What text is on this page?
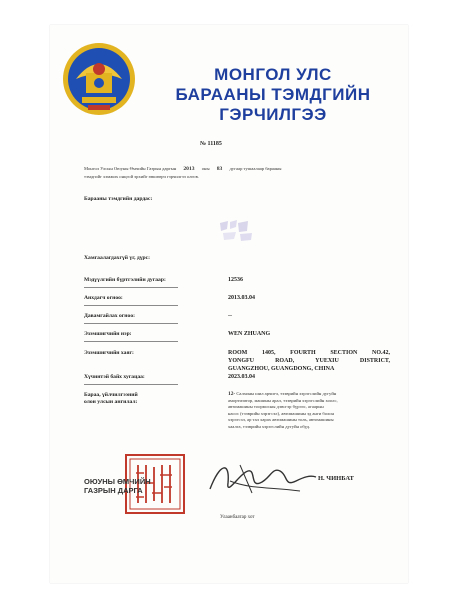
МОНГОЛ УЛС
БАРААНЫ ТЭМДГИЙН
ГЭРЧИЛГЭЭ
№ 11185
Монгол Улсын Оюуны Өмчийн Газрын даргын 2013 оны 83 дугаар тушаалаар барааны
тэмдгийг хэмжих онцгой эрхийг өвшөөрч гэрчилгээ олгов.
Барааны тэмдгийн дардас:
Хамгаалагдахгүй үг, дүрс:
Мэдүүлгийн бүртгэлийн дугаар:	12536
Анхдагч огноо:	2013.03.04
Давамгайлах огноо:	--
Эзэмшигчийн нэр:	WEN ZHUANG
Эзэмшигчийн хаяг:	ROOM 1405, FOURTH SECTION NO.42,
YONGFU ROAD, YUEXIU DISTRICT,
GUANGZHOU, GUANGDONG, CHINA
Хүчинтэй байх хугацаа:	2023.03.04
Бараа, үйлчилгээний
олон улсын ангилал:
12- Салхины шил арчигч, тээврийн хэрэгслийн дугуйн
амортизатор, машины арал, тээврийн хэрэгслийн хоолс,
автомашины тоормосны дэвсгэр бүрээс, агаарын
насос (тээврийн хэрэгсэл), автомашины эд анги болон
хэрэгсэл, ар тал харах автомашины толь, автомашины
хаалга, тээврийн хэрэгслийн дугуйн обуд.
ОЮУНЫ ӨМЧИЙН
ГАЗРЫН ДАРГА
Н. ЧИНБАТ
Улаанбаатар хот
